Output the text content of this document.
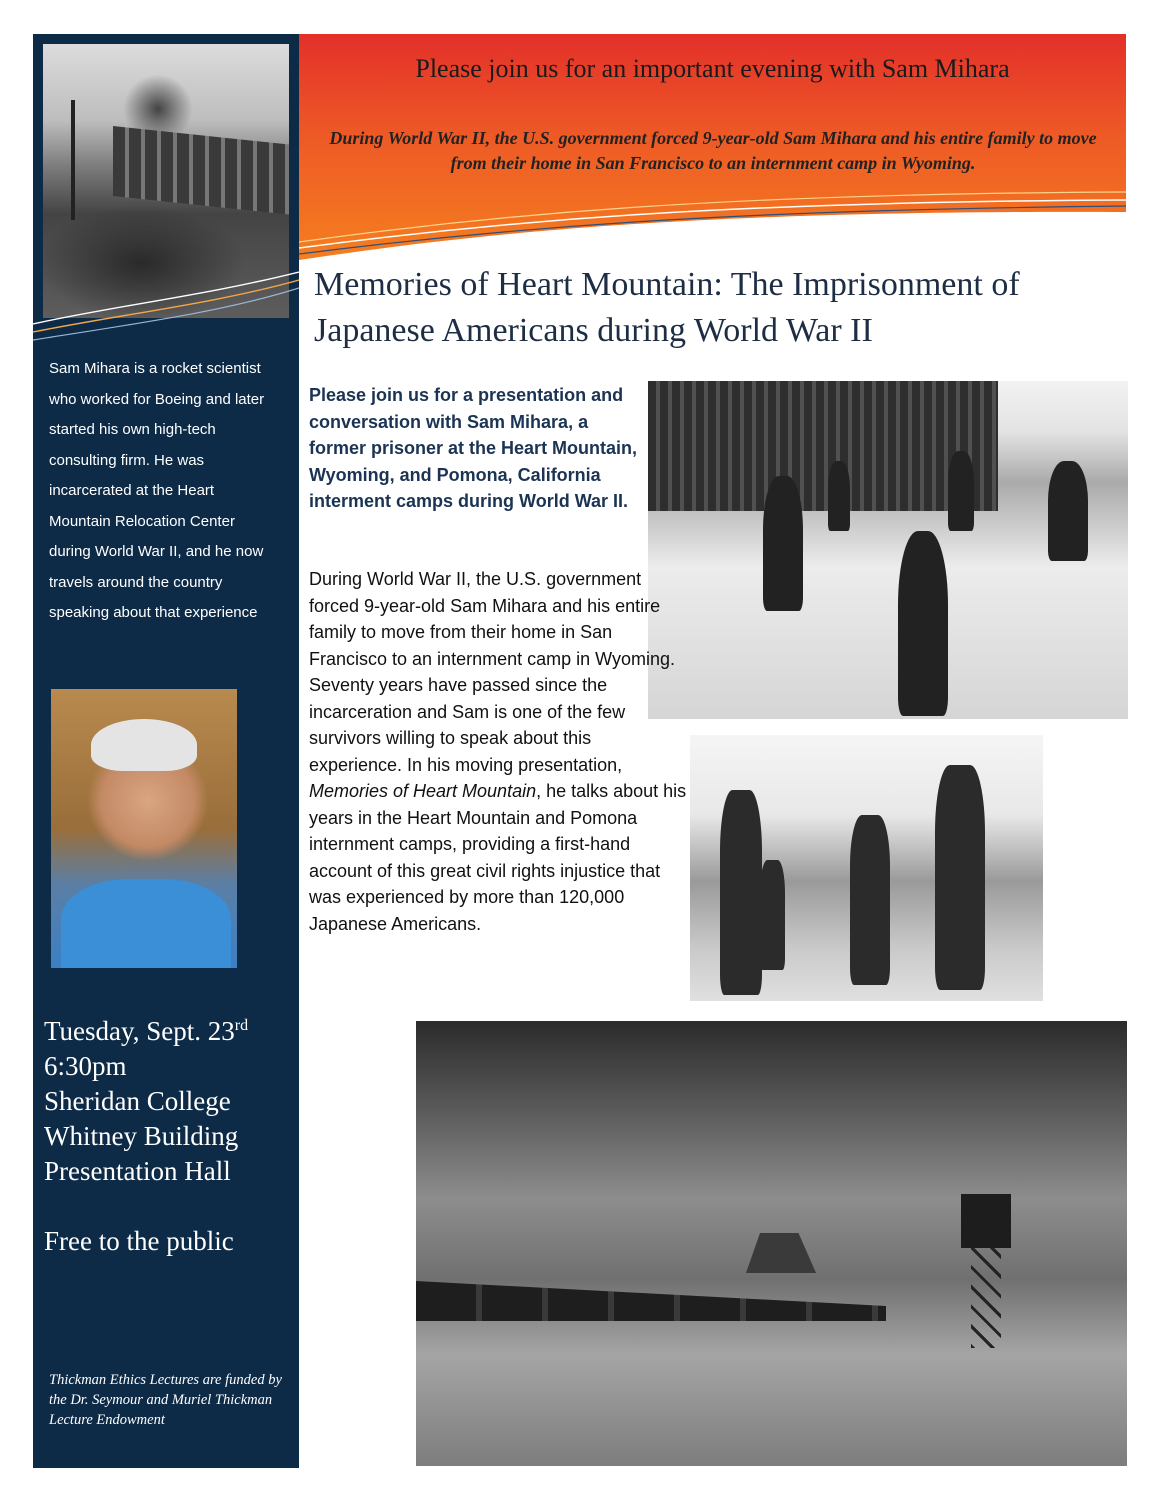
Sam Mihara is a rocket scientist who worked for Boeing and later started his own high-tech consulting firm. He was incarcerated at the Heart Mountain Relocation Center during World War II, and he now travels around the country speaking about that experience

Tuesday, Sept. 23rd
6:30pm
Sheridan College
Whitney Building
Presentation Hall
Free to the public

Thickman Ethics Lectures are funded by the Dr. Seymour and Muriel Thickman Lecture Endowment

Please join us for an important evening with Sam Mihara
During World War II, the U.S. government forced 9-year-old Sam Mihara and his entire family to move from their home in San Francisco to an internment camp in Wyoming.
Memories of Heart Mountain: The Imprisonment of Japanese Americans during World War II

Please join us for a presentation and conversation with Sam Mihara, a former prisoner at the Heart Mountain, Wyoming, and Pomona, California interment camps during World War II.

During World War II, the U.S. government forced 9-year-old Sam Mihara and his entire family to move from their home in San Francisco to an internment camp in Wyoming. Seventy years have passed since the incarceration and Sam is one of the few survivors willing to speak about this experience. In his moving presentation, Memories of Heart Mountain, he talks about his years in the Heart Mountain and Pomona internment camps, providing a first-hand account of this great civil rights injustice that was experienced by more than 120,000 Japanese Americans.
